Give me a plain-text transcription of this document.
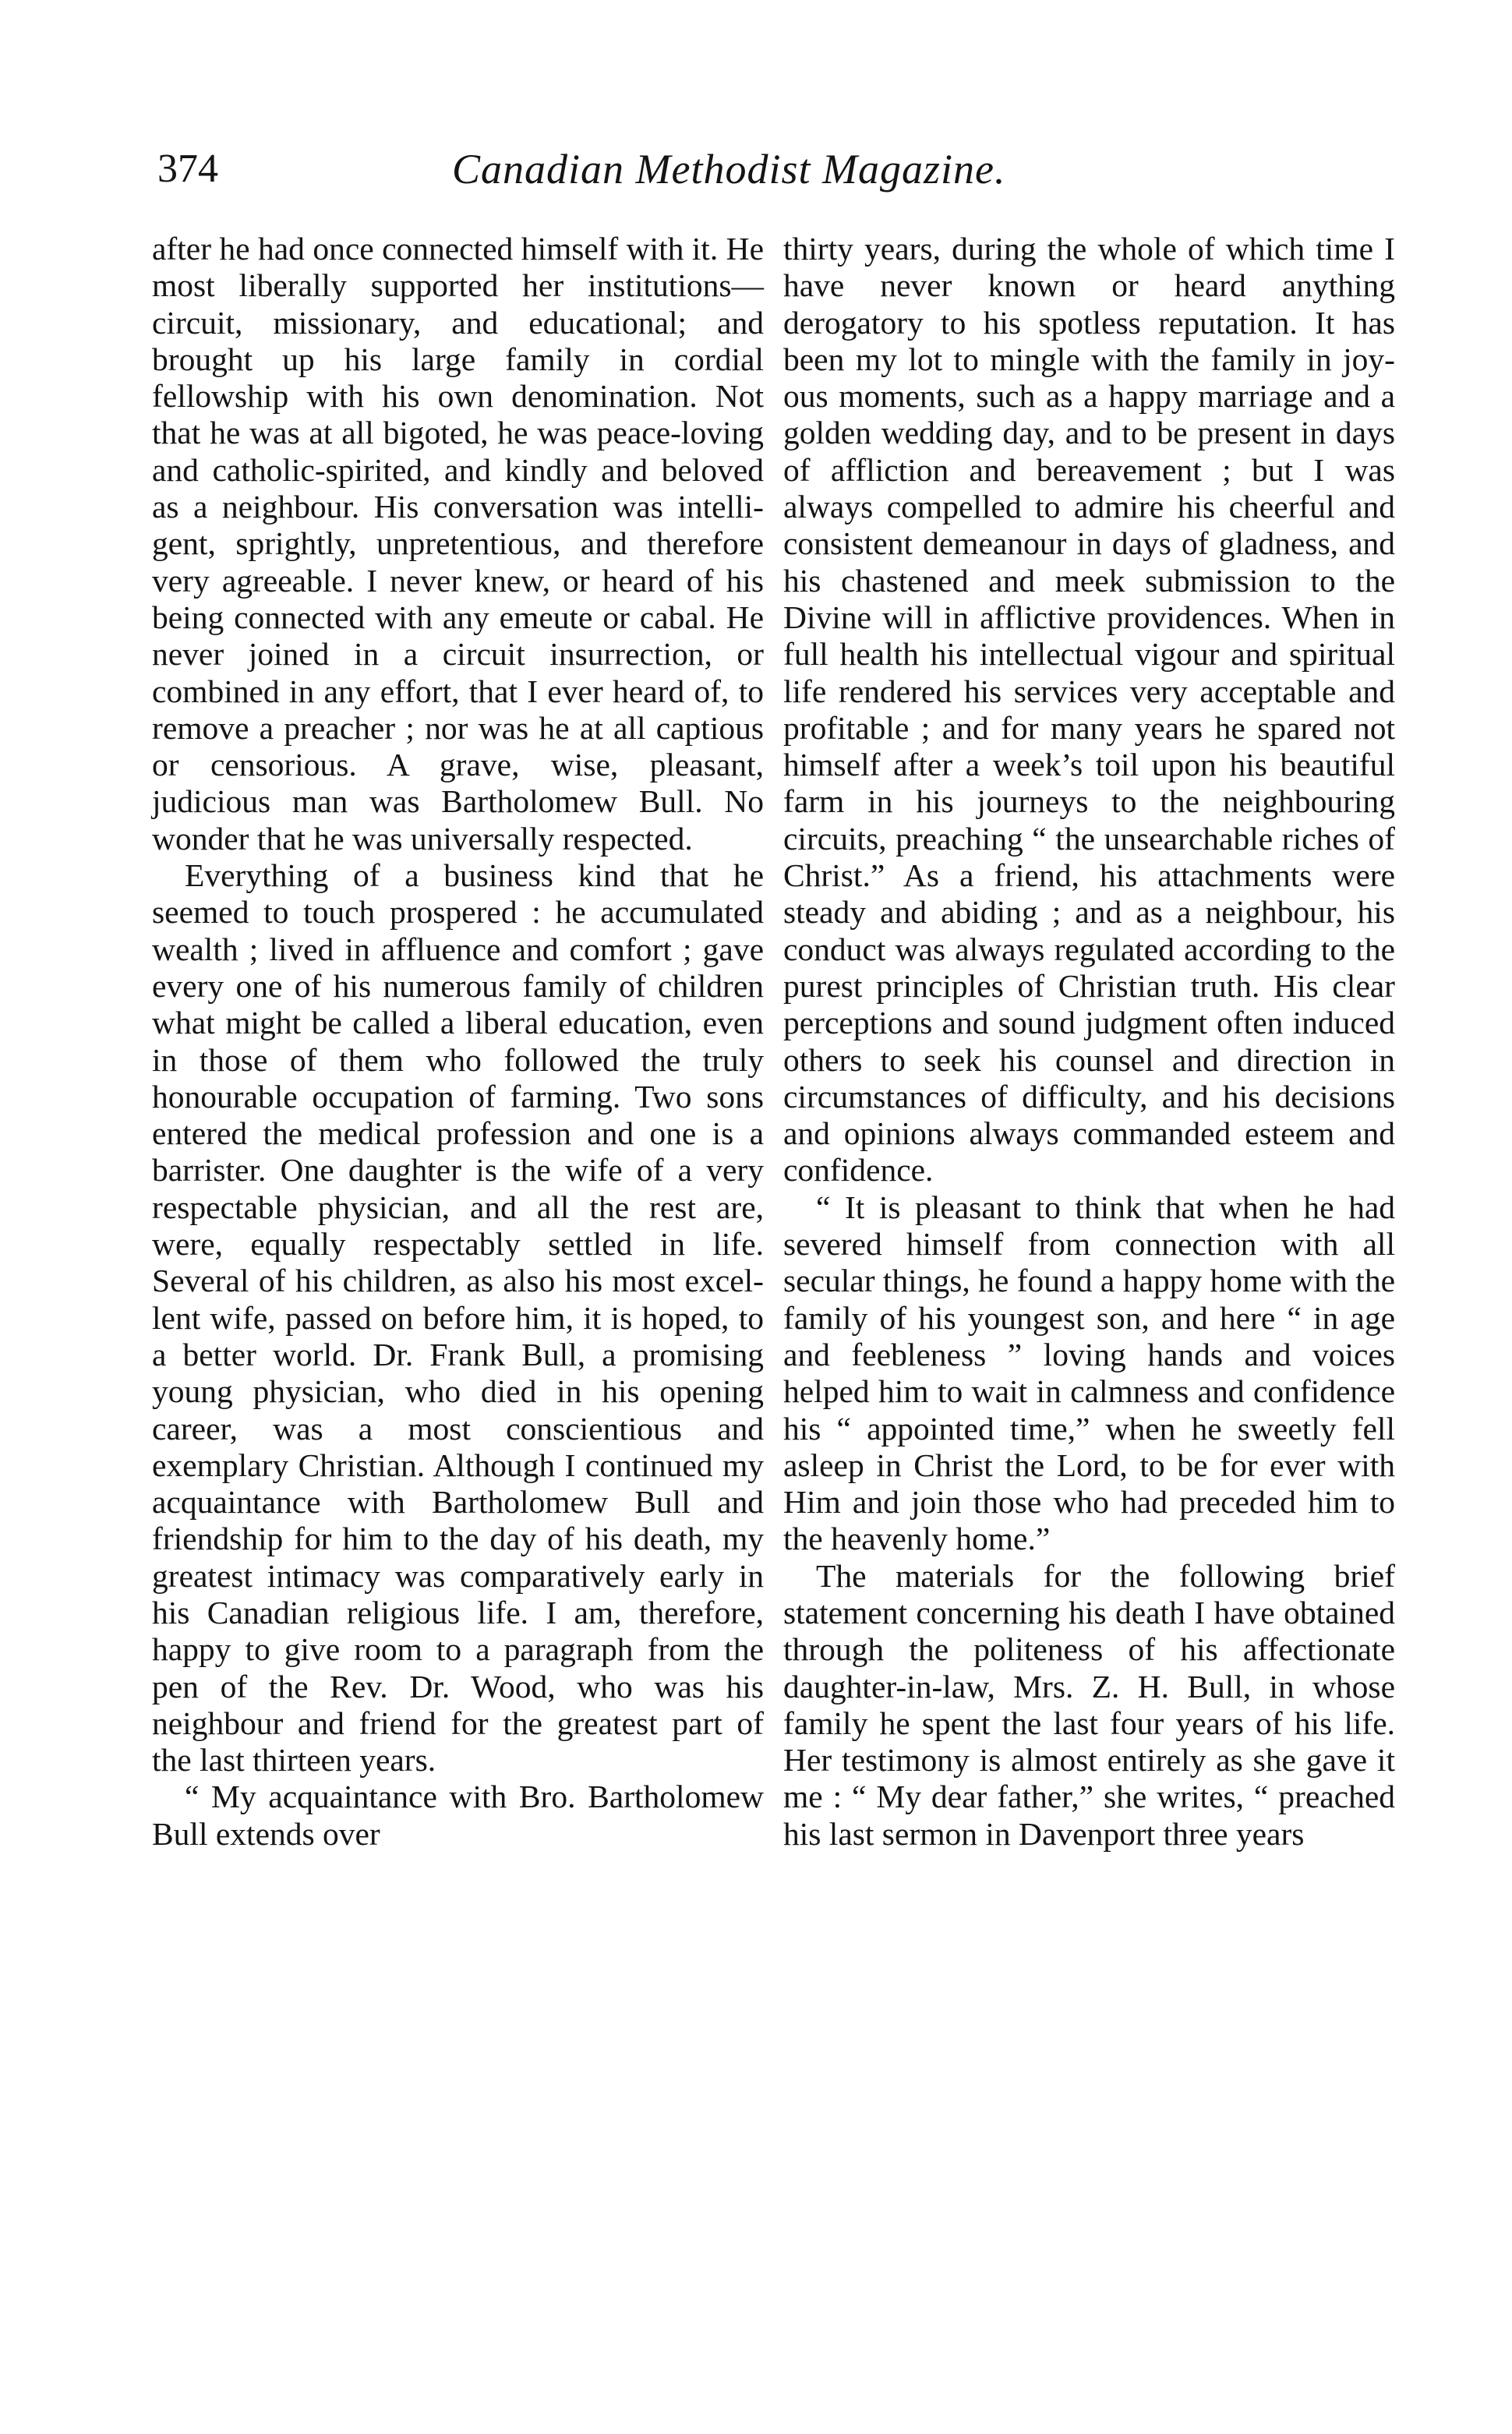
374	Canadian Methodist Magazine.

after he had once connected himself with it. He most liberally supported her institutions—circuit, missionary, and educational; and brought up his large family in cordial fellowship with his own denomination. Not that he was at all bigoted, he was peace-loving and catholic-spirited, and kindly and beloved as a neighbour. His conversation was intelligent, sprightly, unpretentious, and therefore very agreeable. I never knew, or heard of his being connected with any emeute or cabal. He never joined in a circuit insurrection, or combined in any effort, that I ever heard of, to remove a preacher ; nor was he at all captious or censorious. A grave, wise, pleasant, judicious man was Bartholomew Bull. No wonder that he was universally respected.

Everything of a business kind that he seemed to touch prospered : he accumulated wealth ; lived in affluence and comfort ; gave every one of his numerous family of children what might be called a liberal education, even in those of them who followed the truly honourable occupation of farming. Two sons entered the medical profession and one is a barrister. One daughter is the wife of a very respectable physician, and all the rest are, were, equally respectably settled in life. Several of his children, as also his most excellent wife, passed on before him, it is hoped, to a better world. Dr. Frank Bull, a promising young physician, who died in his opening career, was a most conscientious and exemplary Christian. Although I continued my acquaintance with Bartholomew Bull and friendship for him to the day of his death, my greatest intimacy was comparatively early in his Canadian religious life. I am, therefore, happy to give room to a paragraph from the pen of the Rev. Dr. Wood, who was his neighbour and friend for the greatest part of the last thirteen years.

“ My acquaintance with Bro. Bartholomew Bull extends over

thirty years, during the whole of which time I have never known or heard anything derogatory to his spotless reputation. It has been my lot to mingle with the family in joyous moments, such as a happy marriage and a golden wedding day, and to be present in days of affliction and bereavement ; but I was always compelled to admire his cheerful and consistent demeanour in days of gladness, and his chastened and meek submission to the Divine will in afflictive providences. When in full health his intellectual vigour and spiritual life rendered his services very acceptable and profitable ; and for many years he spared not himself after a week’s toil upon his beautiful farm in his journeys to the neighbouring circuits, preaching “ the unsearchable riches of Christ.” As a friend, his attachments were steady and abiding ; and as a neighbour, his conduct was always regulated according to the purest principles of Christian truth. His clear perceptions and sound judgment often induced others to seek his counsel and direction in circumstances of difficulty, and his decisions and opinions always commanded esteem and confidence.

“ It is pleasant to think that when he had severed himself from connection with all secular things, he found a happy home with the family of his youngest son, and here “ in age and feebleness ” loving hands and voices helped him to wait in calmness and confidence his “ appointed time,” when he sweetly fell asleep in Christ the Lord, to be for ever with Him and join those who had preceded him to the heavenly home.”

The materials for the following brief statement concerning his death I have obtained through the politeness of his affectionate daughter-in-law, Mrs. Z. H. Bull, in whose family he spent the last four years of his life. Her testimony is almost entirely as she gave it me : “ My dear father,” she writes, “ preached his last sermon in Davenport three years
